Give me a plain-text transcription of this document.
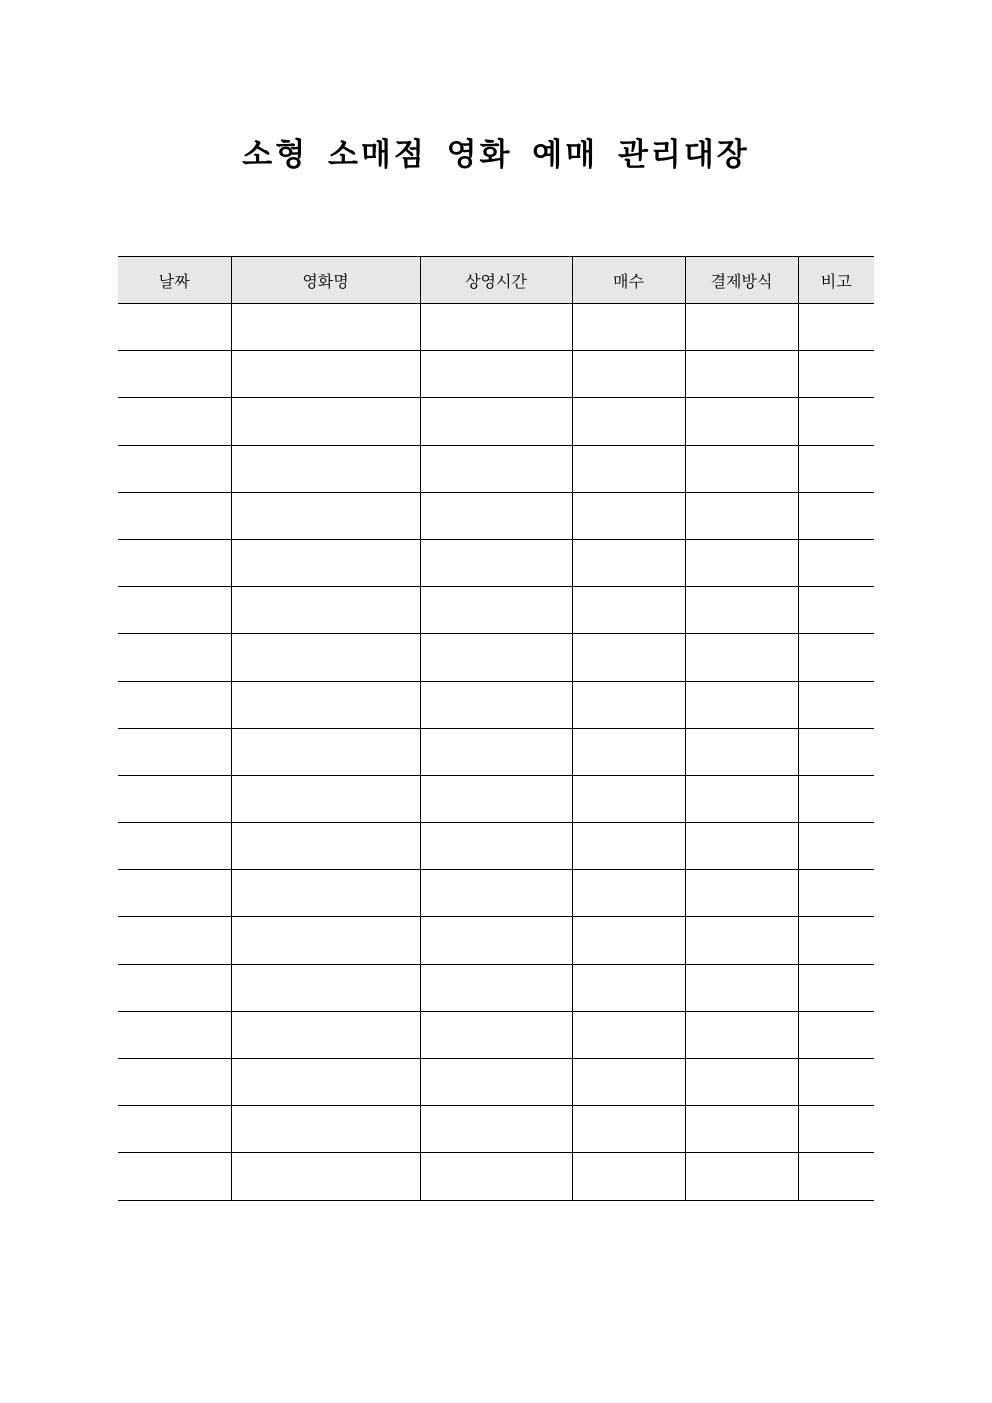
소형 소매점 영화 예매 관리대장
날짜	영화명	상영시간	매수	결제방식	비고
